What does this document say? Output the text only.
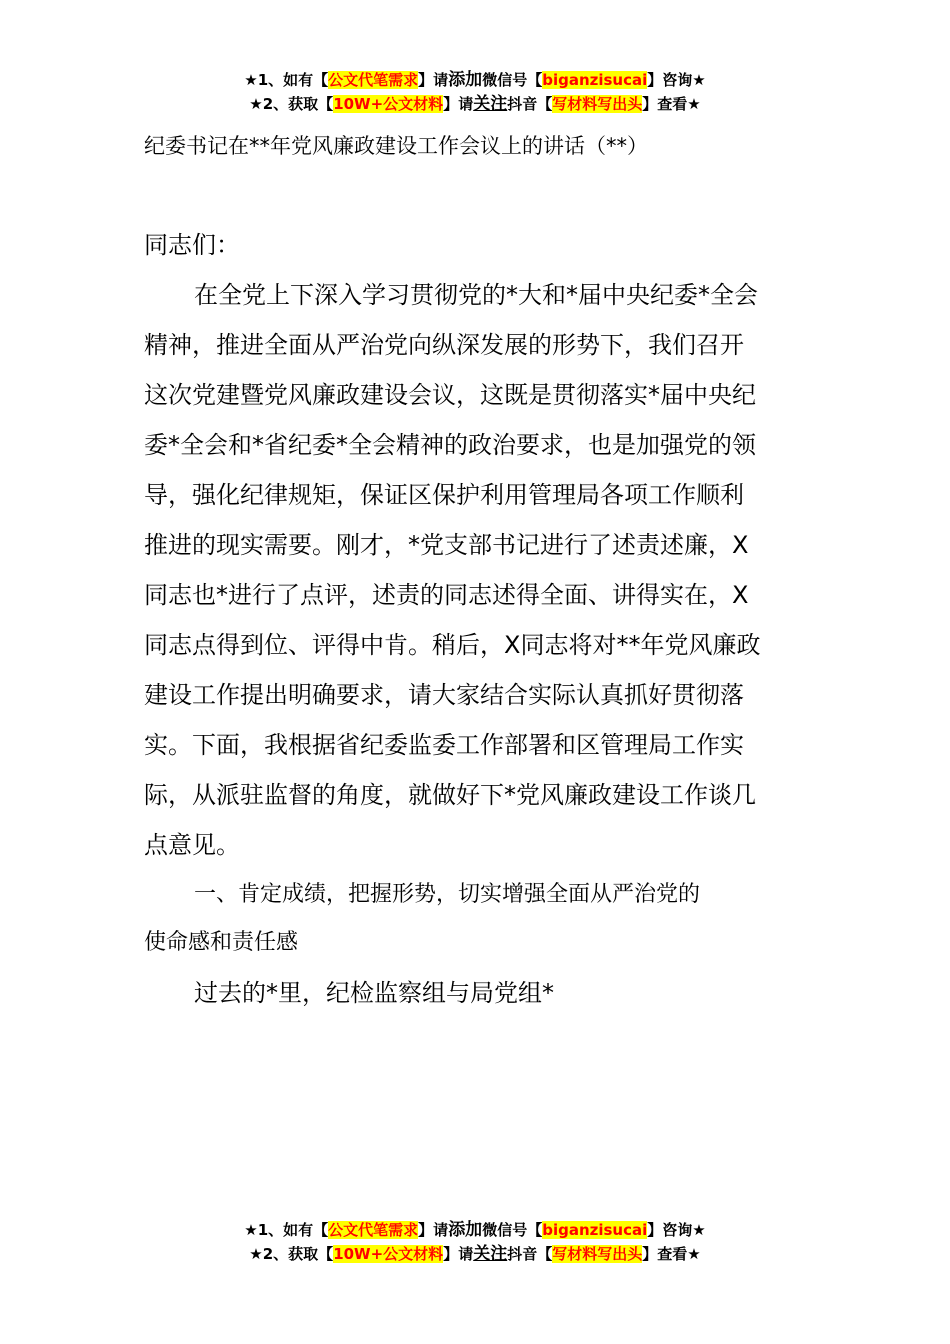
★1、如有【公文代笔需求】请添加微信号【biganzisucai】咨询★
★2、获取【10W+公文材料】请关注抖音【写材料写出头】查看★
纪委书记在**年党风廉政建设工作会议上的讲话（**）
同志们：
在全党上下深入学习贯彻党的*大和*届中央纪委*全会
精神，推进全面从严治党向纵深发展的形势下，我们召开
这次党建暨党风廉政建设会议，这既是贯彻落实*届中央纪
委*全会和*省纪委*全会精神的政治要求，也是加强党的领
导，强化纪律规矩，保证区保护利用管理局各项工作顺利
推进的现实需要。刚才，*党支部书记进行了述责述廉，X
同志也*进行了点评，述责的同志述得全面、讲得实在，X
同志点得到位、评得中肯。稍后，X同志将对**年党风廉政
建设工作提出明确要求，请大家结合实际认真抓好贯彻落
实。下面，我根据省纪委监委工作部署和区管理局工作实
际，从派驻监督的角度，就做好下*党风廉政建设工作谈几
点意见。
一、肯定成绩，把握形势，切实增强全面从严治党的
使命感和责任感
过去的*里，纪检监察组与局党组*
★1、如有【公文代笔需求】请添加微信号【biganzisucai】咨询★
★2、获取【10W+公文材料】请关注抖音【写材料写出头】查看★
